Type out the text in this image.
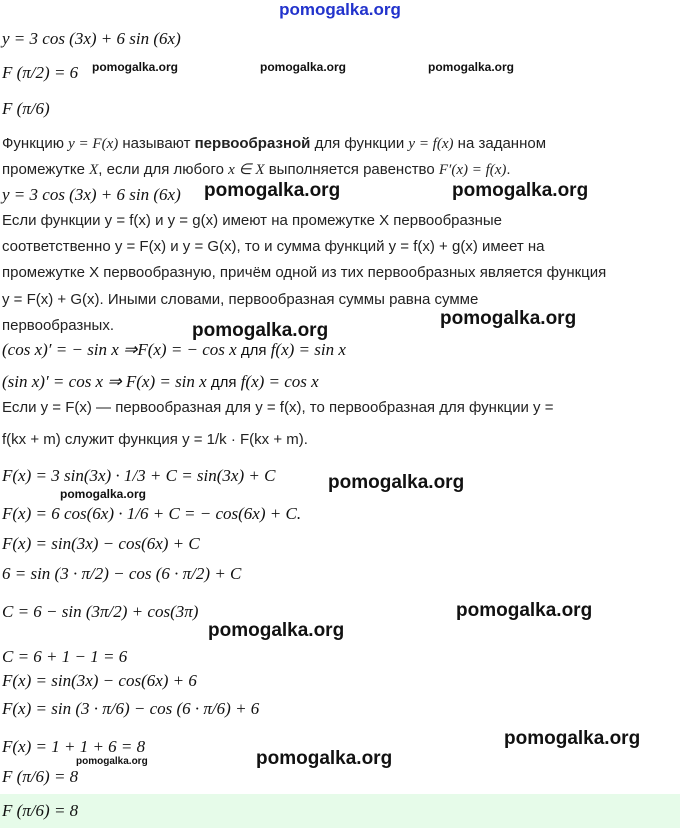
pomogalka.org
y = 3 cos (3x) + 6 sin (6x)
F (π/2) = 6
F (π/6)
Функцию y = F(x) называют первообразной для функции y = f(x) на заданном
промежутке X, если для любого x ∈ X выполняется равенство F′(x) = f(x).
y = 3 cos (3x) + 6 sin (6x)
Если функции y = f(x) и y = g(x) имеют на промежутке X первообразные
соответственно y = F(x) и y = G(x), то и сумма функций y = f(x) + g(x) имеет на
промежутке X первообразную, причём одной из тих первообразных является функция
y = F(x) + G(x). Иными словами, первообразная суммы равна сумме
первообразных.
(cos x)′ = − sin x ⇒F(x) = − cos x для f(x) = sin x
(sin x)′ = cos x ⇒ F(x) = sin x для f(x) = cos x
Если y = F(x) — первообразная для y = f(x), то первообразная для функции y =
f(kx + m) служит функция y = 1/k · F(kx + m).
F(x) = 3 sin(3x) · 1/3 + C = sin(3x) + C
F(x) = 6 cos(6x) · 1/6 + C = − cos(6x) + C.
F(x) = sin(3x) − cos(6x) + C
6 = sin (3 · π/2) − cos (6 · π/2) + C
C = 6 − sin (3π/2) + cos(3π)
C = 6 + 1 − 1 = 6
F(x) = sin(3x) − cos(6x) + 6
F(x) = sin (3 · π/6) − cos (6 · π/6) + 6
F(x) = 1 + 1 + 6 = 8
F (π/6) = 8
F (π/6) = 8
pomogalka.org	pomogalka.org	pomogalka.org
pomogalka.org	pomogalka.org
pomogalka.org
pomogalka.org
pomogalka.org
pomogalka.org
pomogalka.org
pomogalka.org
pomogalka.org
pomogalka.org
pomogalka.org
